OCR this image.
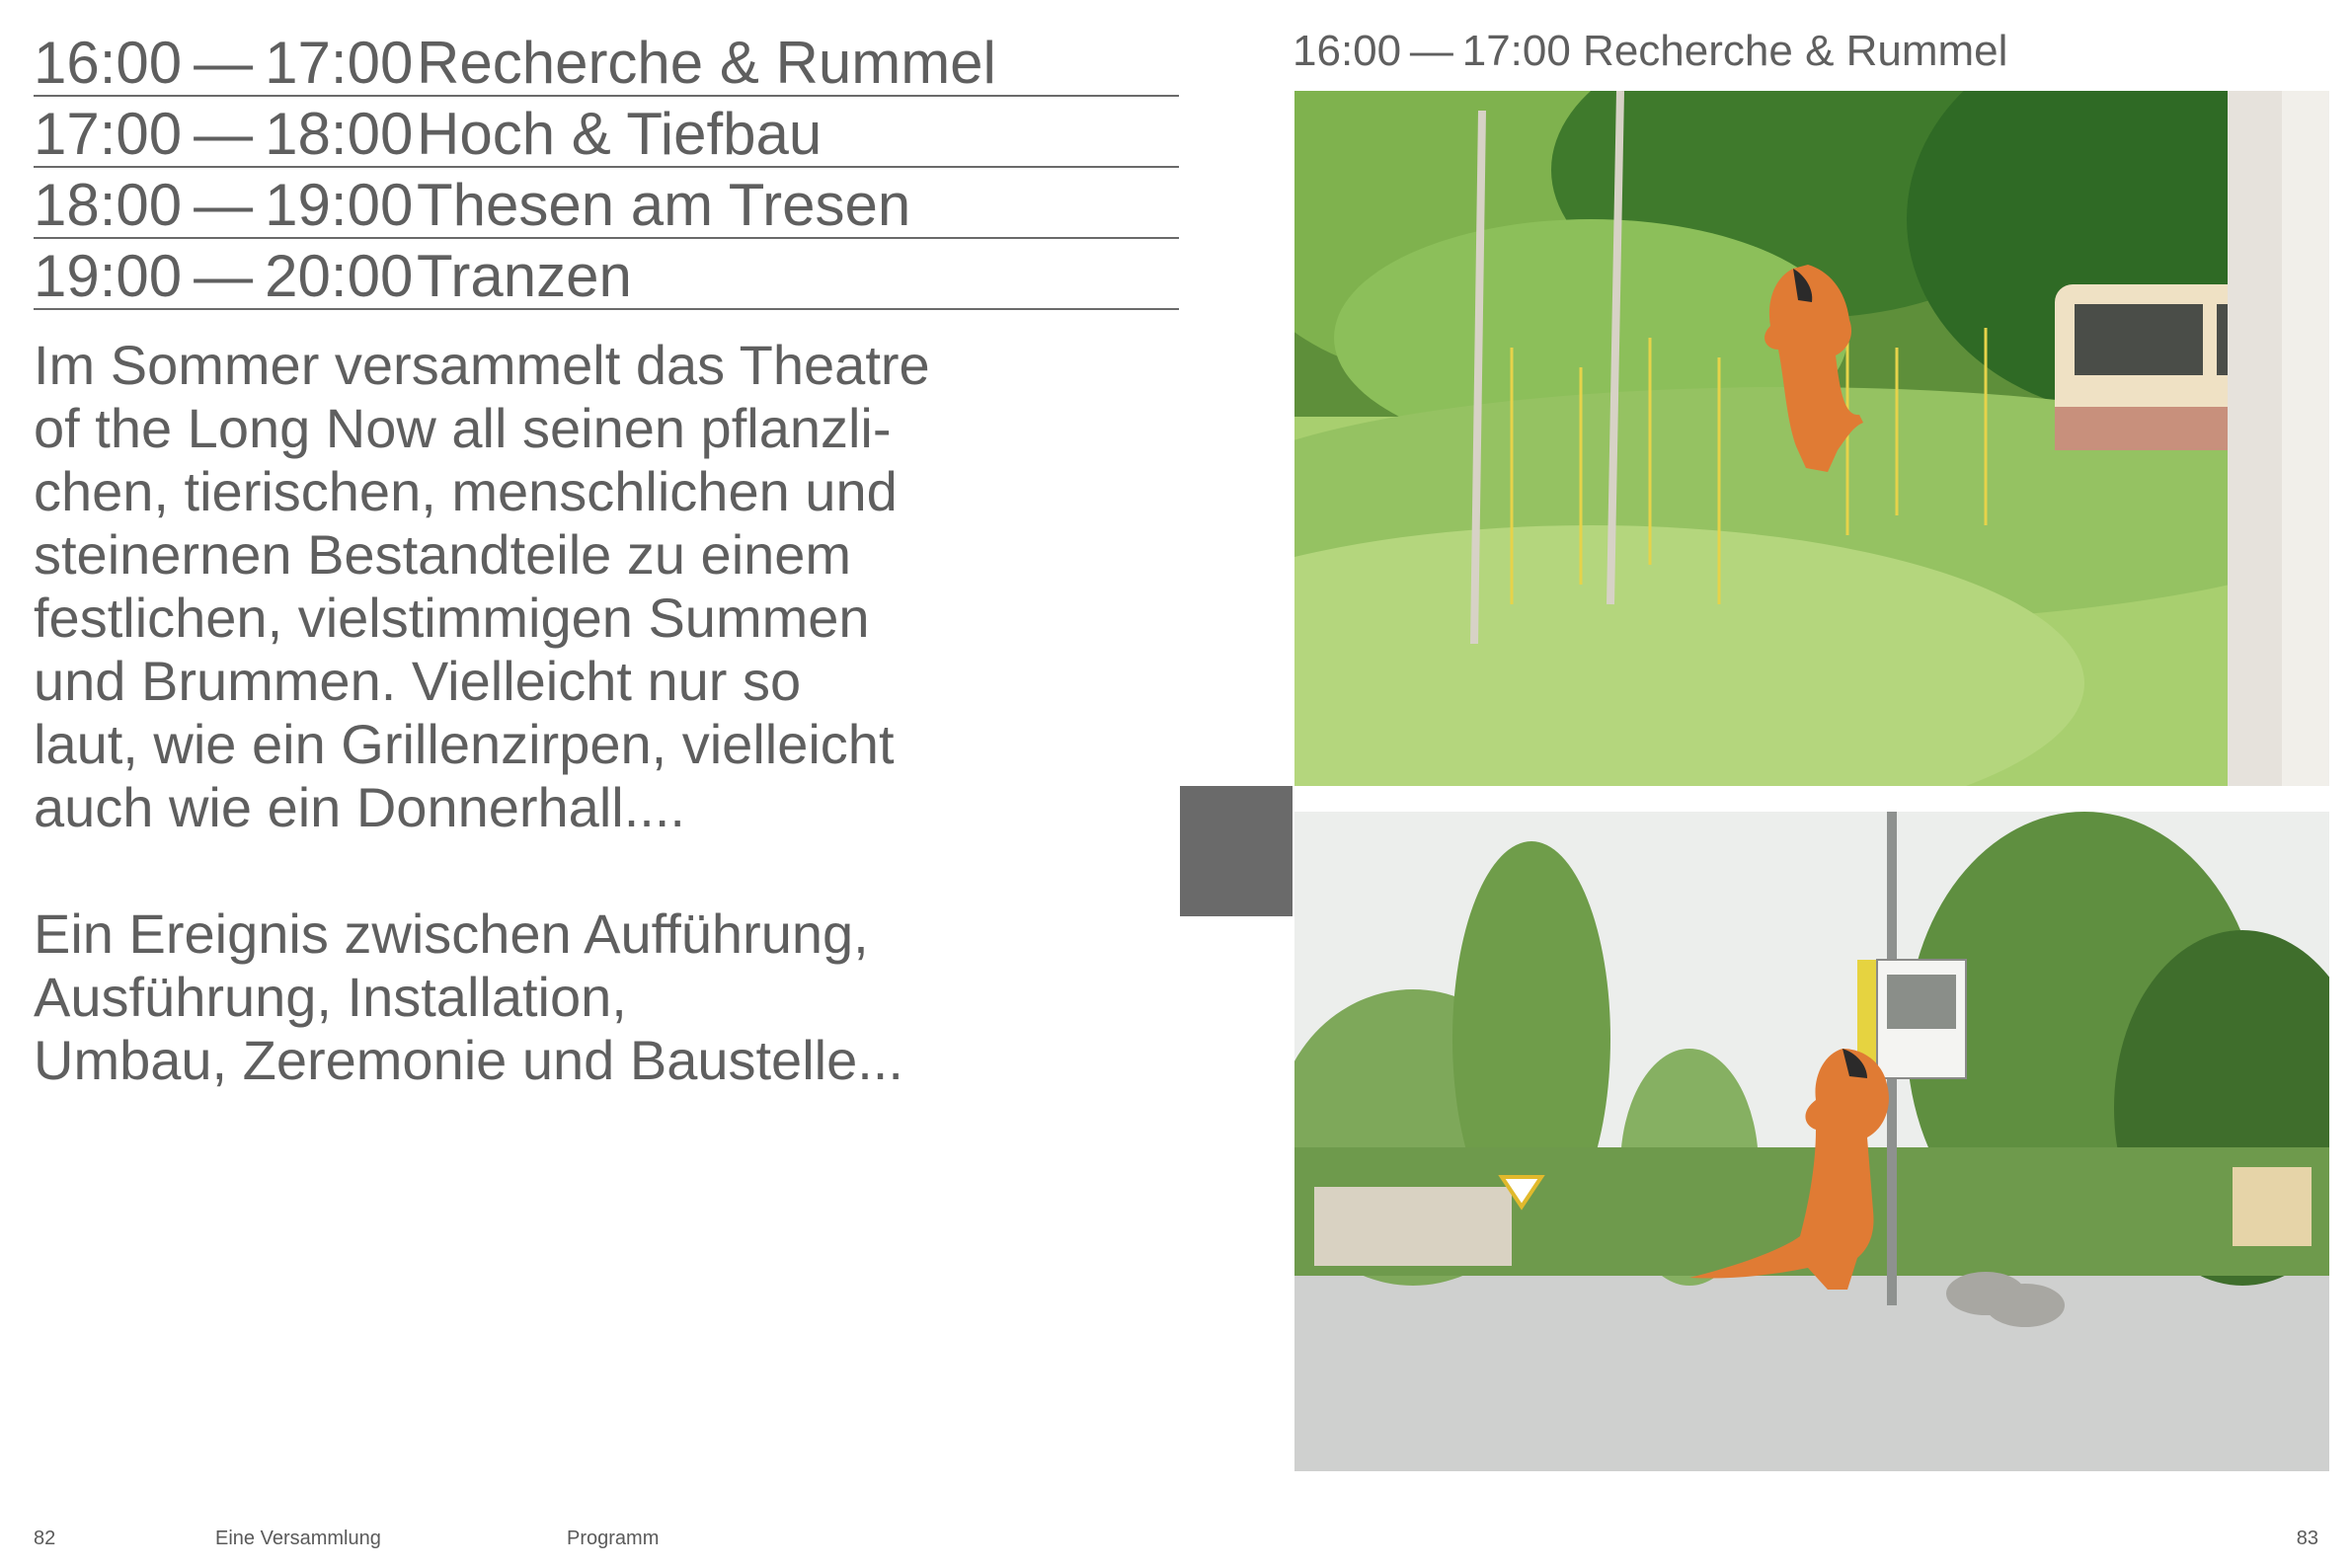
16:00 — 17:00 Recherche & Rummel
17:00 — 18:00 Hoch & Tiefbau
18:00 — 19:00 Thesen am Tresen
19:00 — 20:00 Tranzen

Im Sommer versammelt das Theatre
of the Long Now all seinen pflanzli-
chen, tierischen, menschlichen und
steinernen Bestandteile zu einem
festlichen, vielstimmigen Summen
und Brummen. Vielleicht nur so
laut, wie ein Grillenzirpen, vielleicht
auch wie ein Donnerhall....

Ein Ereignis zwischen Aufführung,
Ausführung, Installation,
Umbau, Zeremonie und Baustelle...

16:00 — 17:00 Recherche & Rummel
82	Eine Versammlung	Programm	83
